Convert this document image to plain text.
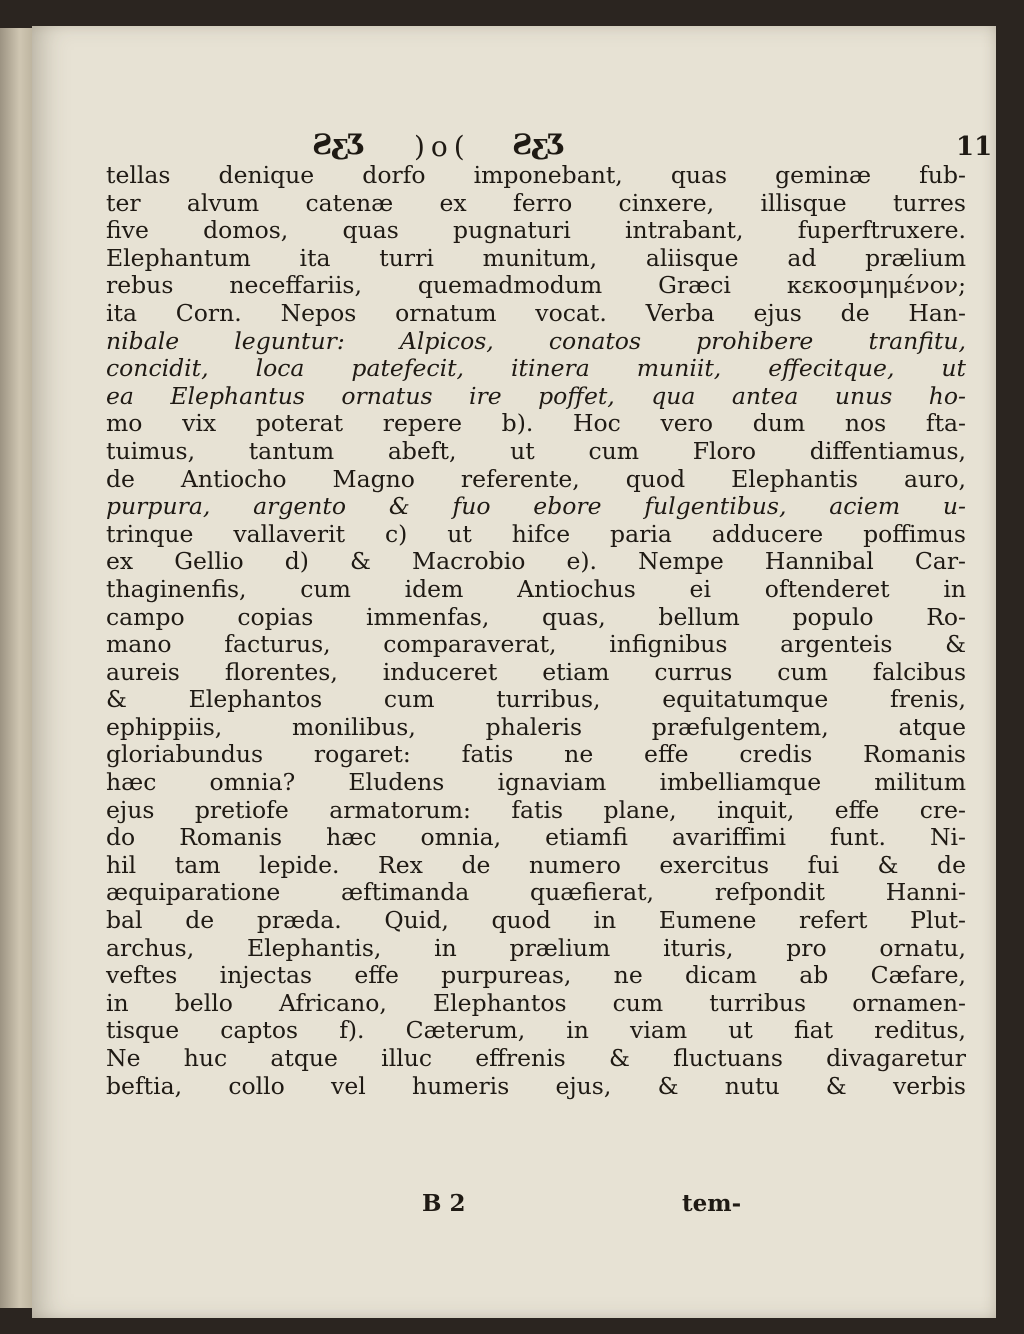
ƧƹƷ )o( ƧƹƷ	11
tellas denique dorfo imponebant, quas geminæ fub-
ter alvum catenæ ex ferro cinxere, illisque turres
five domos, quas pugnaturi intrabant, fuperftruxere.
Elephantum ita turri munitum, aliisque ad prælium
rebus neceffariis, quemadmodum Græci κεκοσμημένον;
ita Corn. Nepos ornatum vocat. Verba ejus de Han-
nibale leguntur: Alpicos, conatos prohibere tranfitu,
concidit, loca patefecit, itinera muniit, effecitque, ut
ea Elephantus ornatus ire poffet, qua antea unus ho-
mo vix poterat repere b). Hoc vero dum nos fta-
tuimus, tantum abeft, ut cum Floro diffentiamus,
de Antiocho Magno referente, quod Elephantis auro,
purpura, argento & fuo ebore fulgentibus, aciem u-
trinque vallaverit c) ut hifce paria adducere poffimus
ex Gellio d) & Macrobio e). Nempe Hannibal Car-
thaginenfis, cum idem Antiochus ei oftenderet in
campo copias immenfas, quas, bellum populo Ro-
mano facturus, comparaverat, infignibus argenteis &
aureis florentes, induceret etiam currus cum falcibus
& Elephantos cum turribus, equitatumque frenis,
ephippiis, monilibus, phaleris præfulgentem, atque
gloriabundus rogaret: fatis ne effe credis Romanis
hæc omnia? Eludens ignaviam imbelliamque militum
ejus pretiofe armatorum: fatis plane, inquit, effe cre-
do Romanis hæc omnia, etiamfi avariffimi funt. Ni-
hil tam lepide. Rex de numero exercitus fui & de
æquiparatione æftimanda quæfierat, refpondit Hanni-
bal de præda. Quid, quod in Eumene refert Plut-
archus, Elephantis, in prælium ituris, pro ornatu,
veftes injectas effe purpureas, ne dicam ab Cæfare,
in bello Africano, Elephantos cum turribus ornamen-
tisque captos f). Cæterum, in viam ut fiat reditus,
Ne huc atque illuc effrenis & fluctuans divagaretur
beftia, collo vel humeris ejus, & nutu & verbis
B 2	tem-
